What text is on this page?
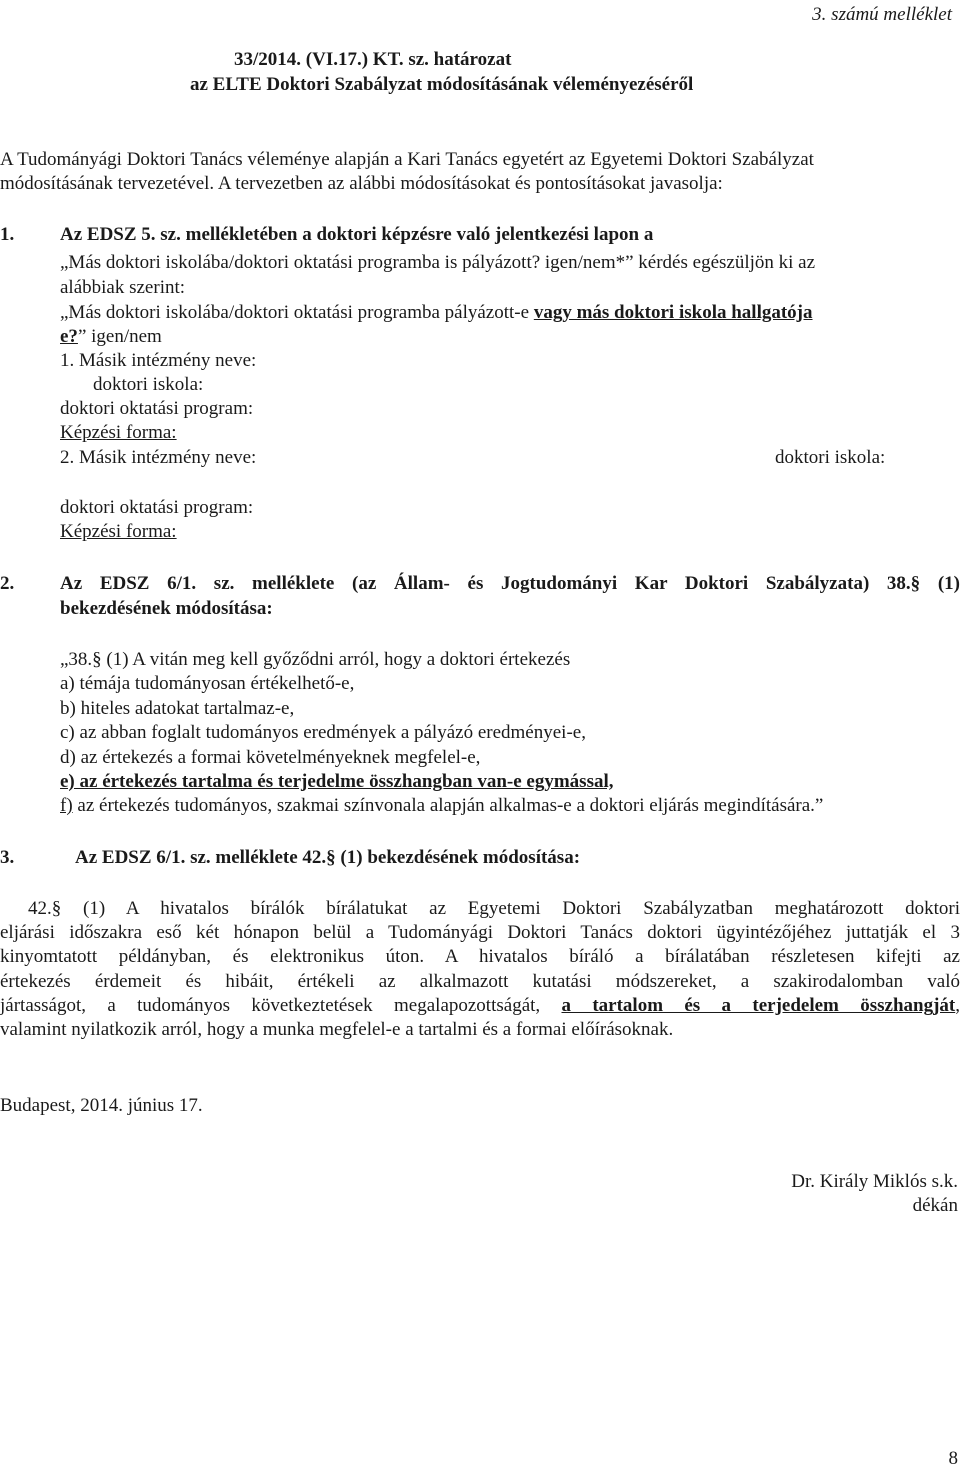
3. számú melléklet
33/2014. (VI.17.) KT. sz. határozat
az ELTE Doktori Szabályzat módosításának véleményezéséről
A Tudományági Doktori Tanács véleménye alapján a Kari Tanács egyetért az Egyetemi Doktori Szabályzat
módosításának tervezetével. A tervezetben az alábbi módosításokat és pontosításokat javasolja:
1. Az EDSZ 5. sz. mellékletében a doktori képzésre való jelentkezési lapon a
„Más doktori iskolába/doktori oktatási programba is pályázott? igen/nem*” kérdés egészüljön ki az
alábbiak szerint:
„Más doktori iskolába/doktori oktatási programba pályázott-e vagy más doktori iskola hallgatója
e?” igen/nem
1. Másik intézmény neve:
doktori iskola:
doktori oktatási program:
Képzési forma:
2. Másik intézmény neve:	doktori iskola:
doktori oktatási program:
Képzési forma:
2. Az EDSZ 6/1. sz. melléklete (az Állam- és Jogtudományi Kar Doktori Szabályzata) 38.§ (1)
bekezdésének módosítása:
„38.§ (1) A vitán meg kell győződni arról, hogy a doktori értekezés
a) témája tudományosan értékelhető-e,
b) hiteles adatokat tartalmaz-e,
c) az abban foglalt tudományos eredmények a pályázó eredményei-e,
d) az értekezés a formai követelményeknek megfelel-e,
e) az értekezés tartalma és terjedelme összhangban van-e egymással,
f) az értekezés tudományos, szakmai színvonala alapján alkalmas-e a doktori eljárás megindítására.”
3.	Az EDSZ 6/1. sz. melléklete 42.§ (1) bekezdésének módosítása:
42.§ (1) A hivatalos bírálók bírálatukat az Egyetemi Doktori Szabályzatban meghatározott doktori
eljárási időszakra eső két hónapon belül a Tudományági Doktori Tanács doktori ügyintézőjéhez juttatják el 3
kinyomtatott példányban, és elektronikus úton. A hivatalos bíráló a bírálatában részletesen kifejti az
értekezés érdemeit és hibáit, értékeli az alkalmazott kutatási módszereket, a szakirodalomban való
jártasságot, a tudományos következtetések megalapozottságát, a tartalom és a terjedelem összhangját,
valamint nyilatkozik arról, hogy a munka megfelel-e a tartalmi és a formai előírásoknak.
Budapest, 2014. június 17.
Dr. Király Miklós s.k.
dékán
8
